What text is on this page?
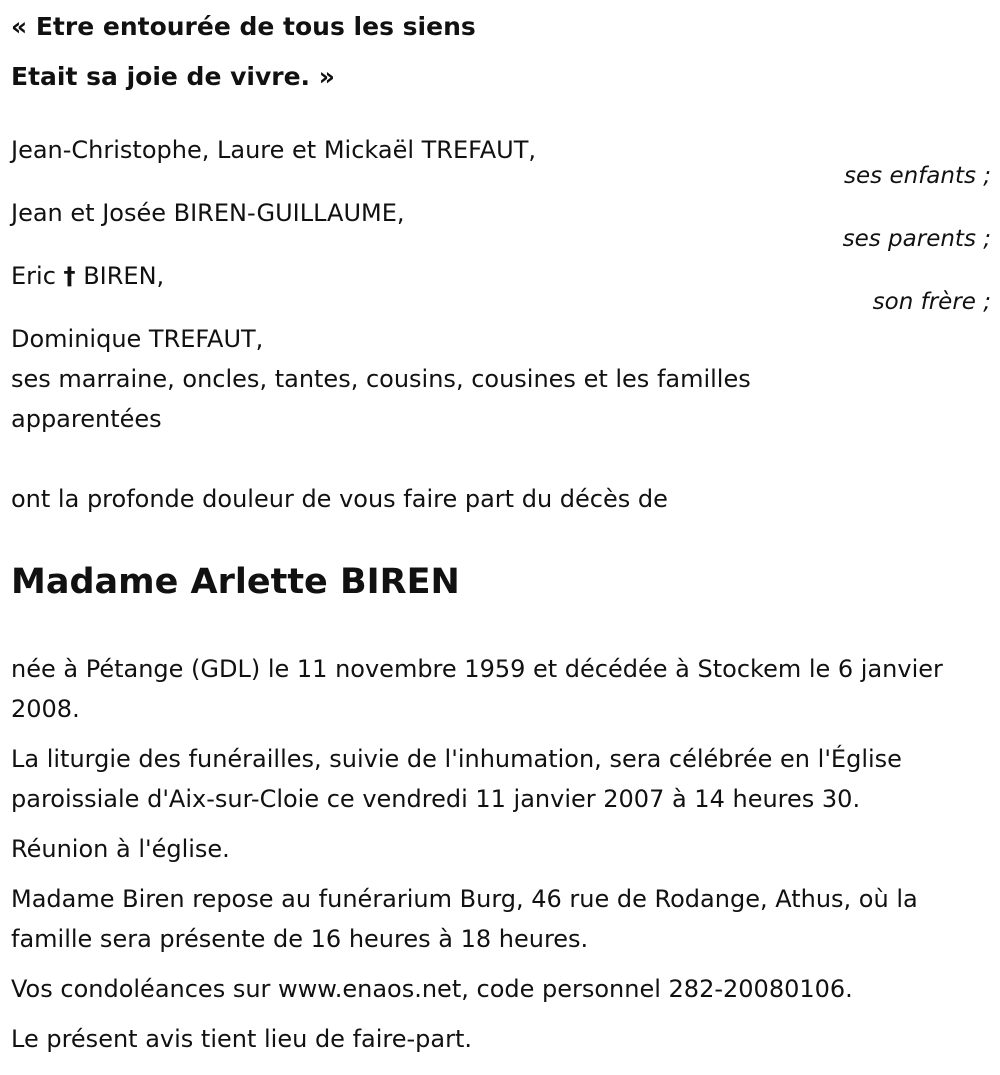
« Etre entourée de tous les siens

Etait sa joie de vivre. »

Jean-Christophe, Laure et Mickaël TREFAUT,
ses enfants ;
Jean et Josée BIREN-GUILLAUME,
ses parents ;
Eric † BIREN,
son frère ;
Dominique TREFAUT,
ses marraine, oncles, tantes, cousins, cousines et les familles apparentées
ont la profonde douleur de vous faire part du décès de
Madame Arlette BIREN

née à Pétange (GDL) le 11 novembre 1959 et décédée à Stockem le 6 janvier 2008.

La liturgie des funérailles, suivie de l'inhumation, sera célébrée en l'Église paroissiale d'Aix-sur-Cloie ce vendredi 11 janvier 2007 à 14 heures 30.

Réunion à l'église.

Madame Biren repose au funérarium Burg, 46 rue de Rodange, Athus, où la famille sera présente de 16 heures à 18 heures.

Vos condoléances sur www.enaos.net, code personnel 282-20080106.

Le présent avis tient lieu de faire-part.
